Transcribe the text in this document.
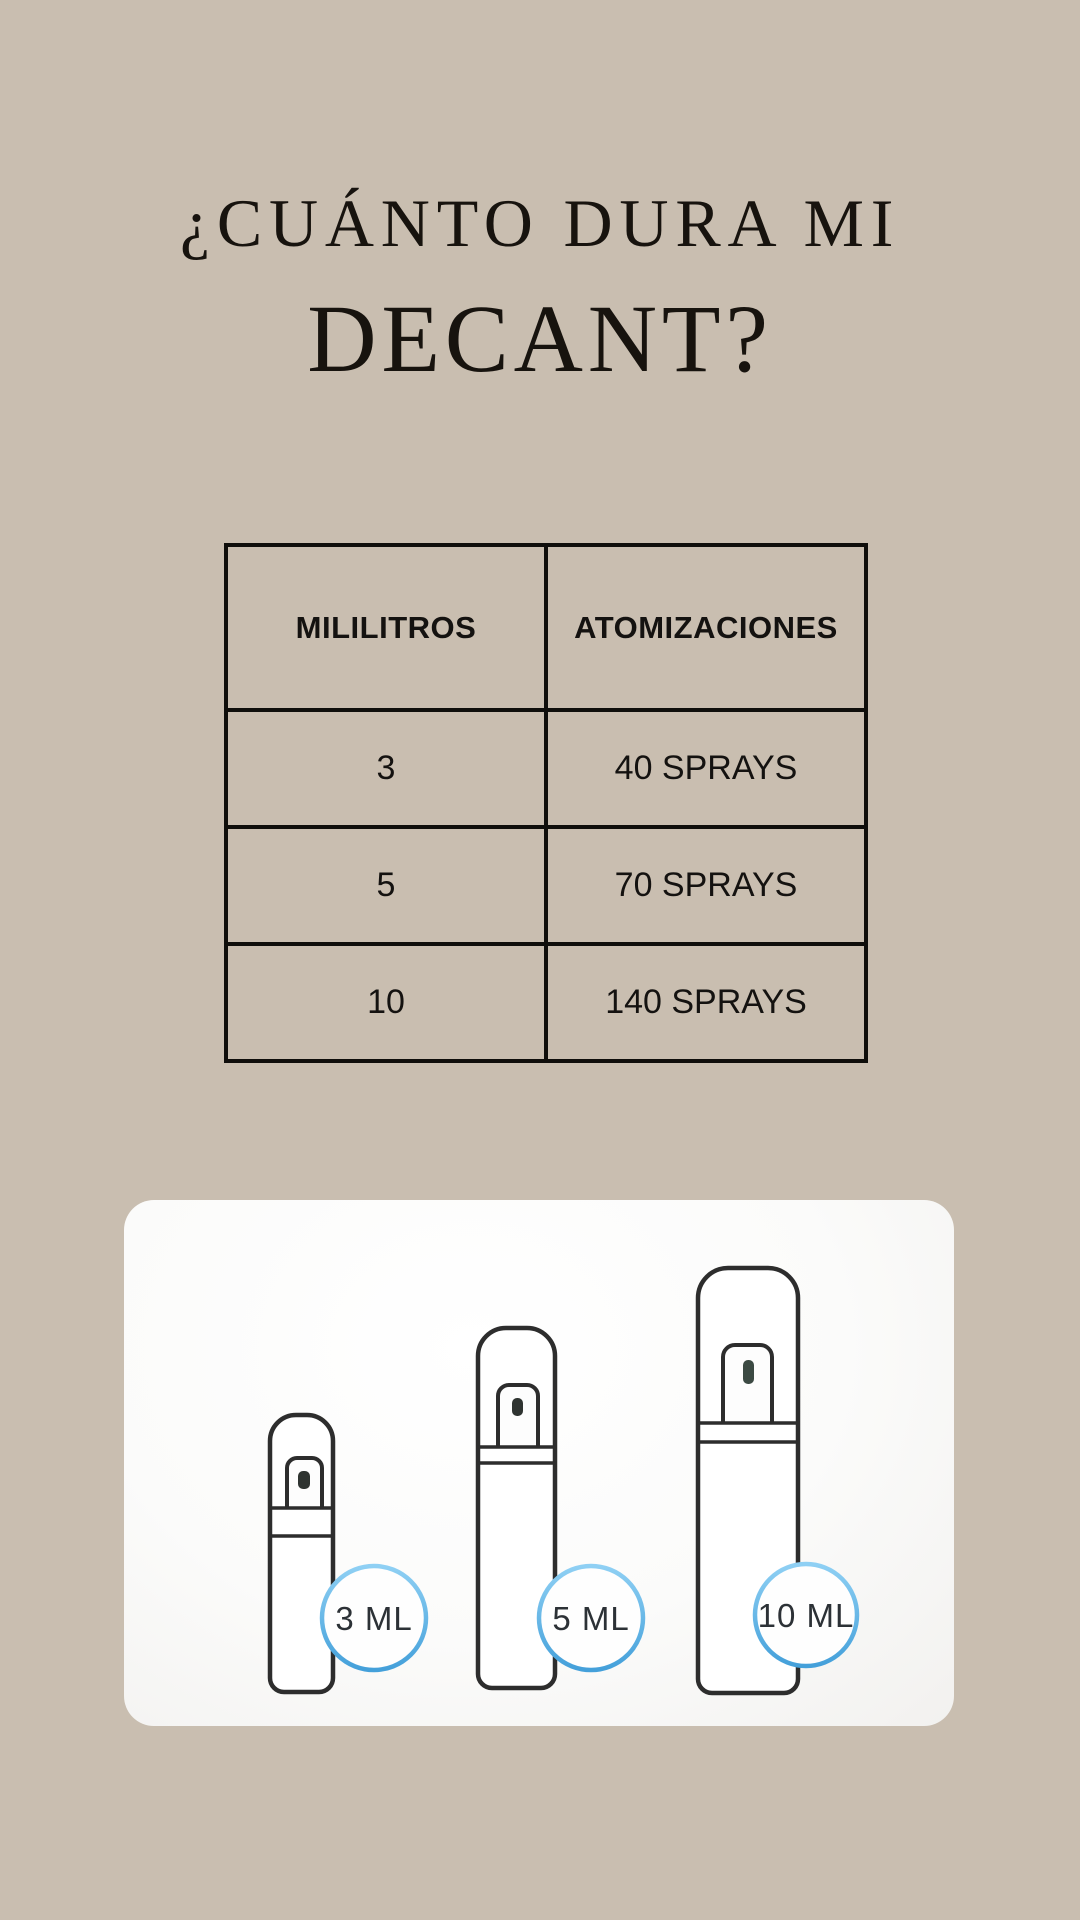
¿CUÁNTO DURA MI
DECANT?
MILILITROS	ATOMIZACIONES
3	40 SPRAYS
5	70 SPRAYS
10	140 SPRAYS
3 ML	5 ML	10 ML
